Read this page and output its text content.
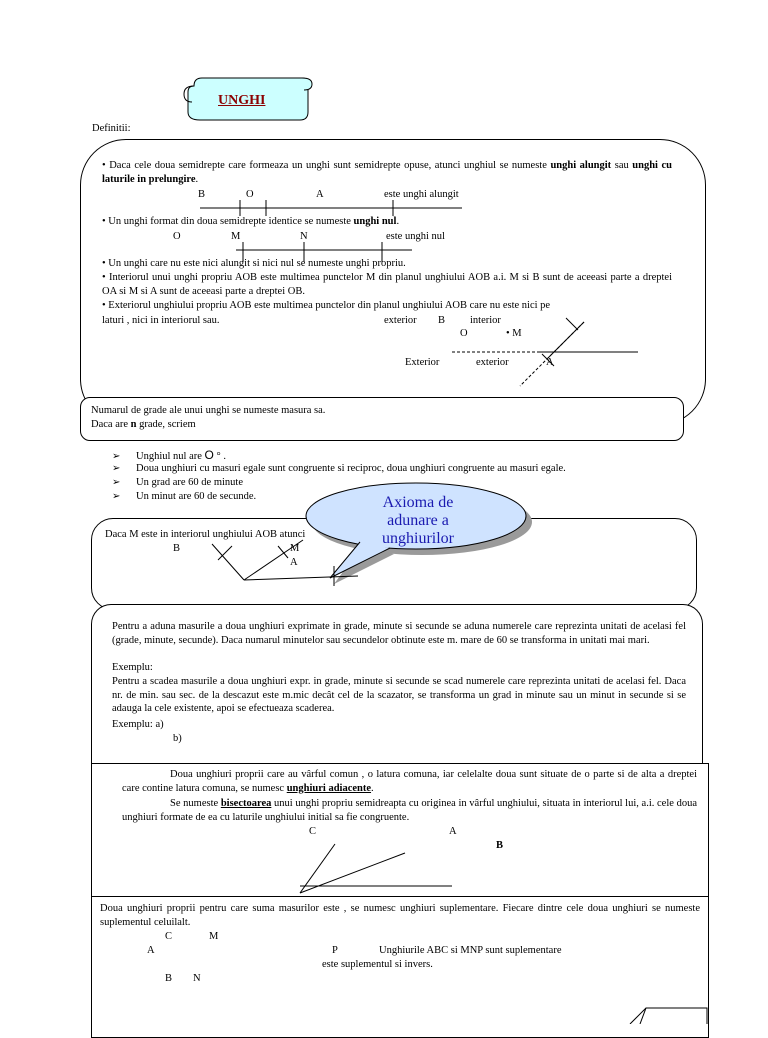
UNGHI
Definitii:
• Daca cele doua semidrepte care formeaza un unghi sunt semidrepte opuse, atunci unghiul se numeste unghi alungit sau unghi cu laturile in prelungire.
B	O	A	este unghi alungit
• Un unghi format din doua semidrepte identice se numeste unghi nul.
O	M	N	este unghi nul
• Un unghi care nu este nici alungit si nici nul se numeste unghi propriu.
• Interiorul unui unghi propriu AOB este multimea punctelor M din planul unghiului AOB a.i. M si B sunt de aceeasi parte a dreptei OA si M si A sunt de aceeasi parte a dreptei OB.
• Exteriorul unghiului propriu AOB este multimea punctelor din planul unghiului AOB care nu este nici pe
laturi , nici in interiorul sau.	exterior B interior
O	• M
Exterior	exterior	A
➢ Unghiul nul are O ° .
➢ Doua unghiuri cu masuri egale sunt congruente si reciproc, doua unghiuri congruente au masuri egale.
➢ Un grad are 60 de minute
➢ Un minut are 60 de secunde.
Numarul de grade ale unui unghi se numeste masura sa.
Daca are n grade, scriem
Daca M este in interiorul unghiului AOB atunci
B	M
A
Axioma de
adunare a
unghiurilor
Pentru a aduna masurile a doua unghiuri exprimate in grade, minute si secunde se aduna numerele care reprezinta unitati de acelasi fel (grade, minute, secunde). Daca numarul minutelor sau secundelor obtinute este m. mare de 60 se transforma in unitati mai mari.
Exemplu:
Pentru a scadea masurile a doua unghiuri expr. in grade, minute si secunde se scad numerele care reprezinta unitati de acelasi fel. Daca nr. de min. sau sec. de la descazut este m.mic decât cel de la scazator, se transforma un grad in minute sau un minut in secunde si se adauga la cele existente, apoi se efectueaza scaderea.
Exemplu: a)
b)
Doua unghiuri proprii care au vârful comun , o latura comuna, iar celelalte doua sunt situate de o parte si de alta a dreptei care contine latura comuna, se numesc unghiuri adiacente.
Se numeste bisectoarea unui unghi propriu semidreapta cu originea in vârful unghiului, situata in interiorul lui, a.i. cele doua unghiuri formate de ea cu laturile unghiului initial sa fie congruente.
C	A
B
Doua unghiuri proprii pentru care suma masurilor este , se numesc unghiuri suplementare. Fiecare dintre cele doua unghiuri se numeste suplementul celuilalt.
C	M
A	P	Unghiurile ABC si MNP sunt suplementare
este suplementul si invers.
B N
